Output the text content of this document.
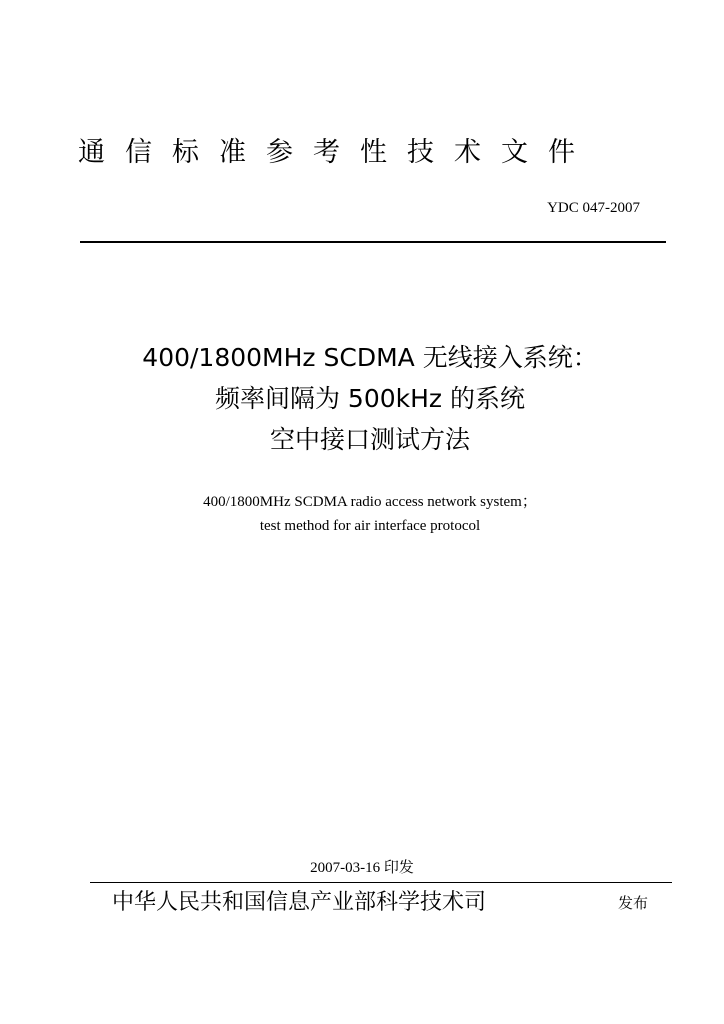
通信标准参考性技术文件
YDC 047-2007
400/1800MHz SCDMA 无线接入系统：
频率间隔为 500kHz 的系统
空中接口测试方法
400/1800MHz SCDMA radio access network system；
test method for air interface protocol
2007-03-16 印发
中华人民共和国信息产业部科学技术司	发布
